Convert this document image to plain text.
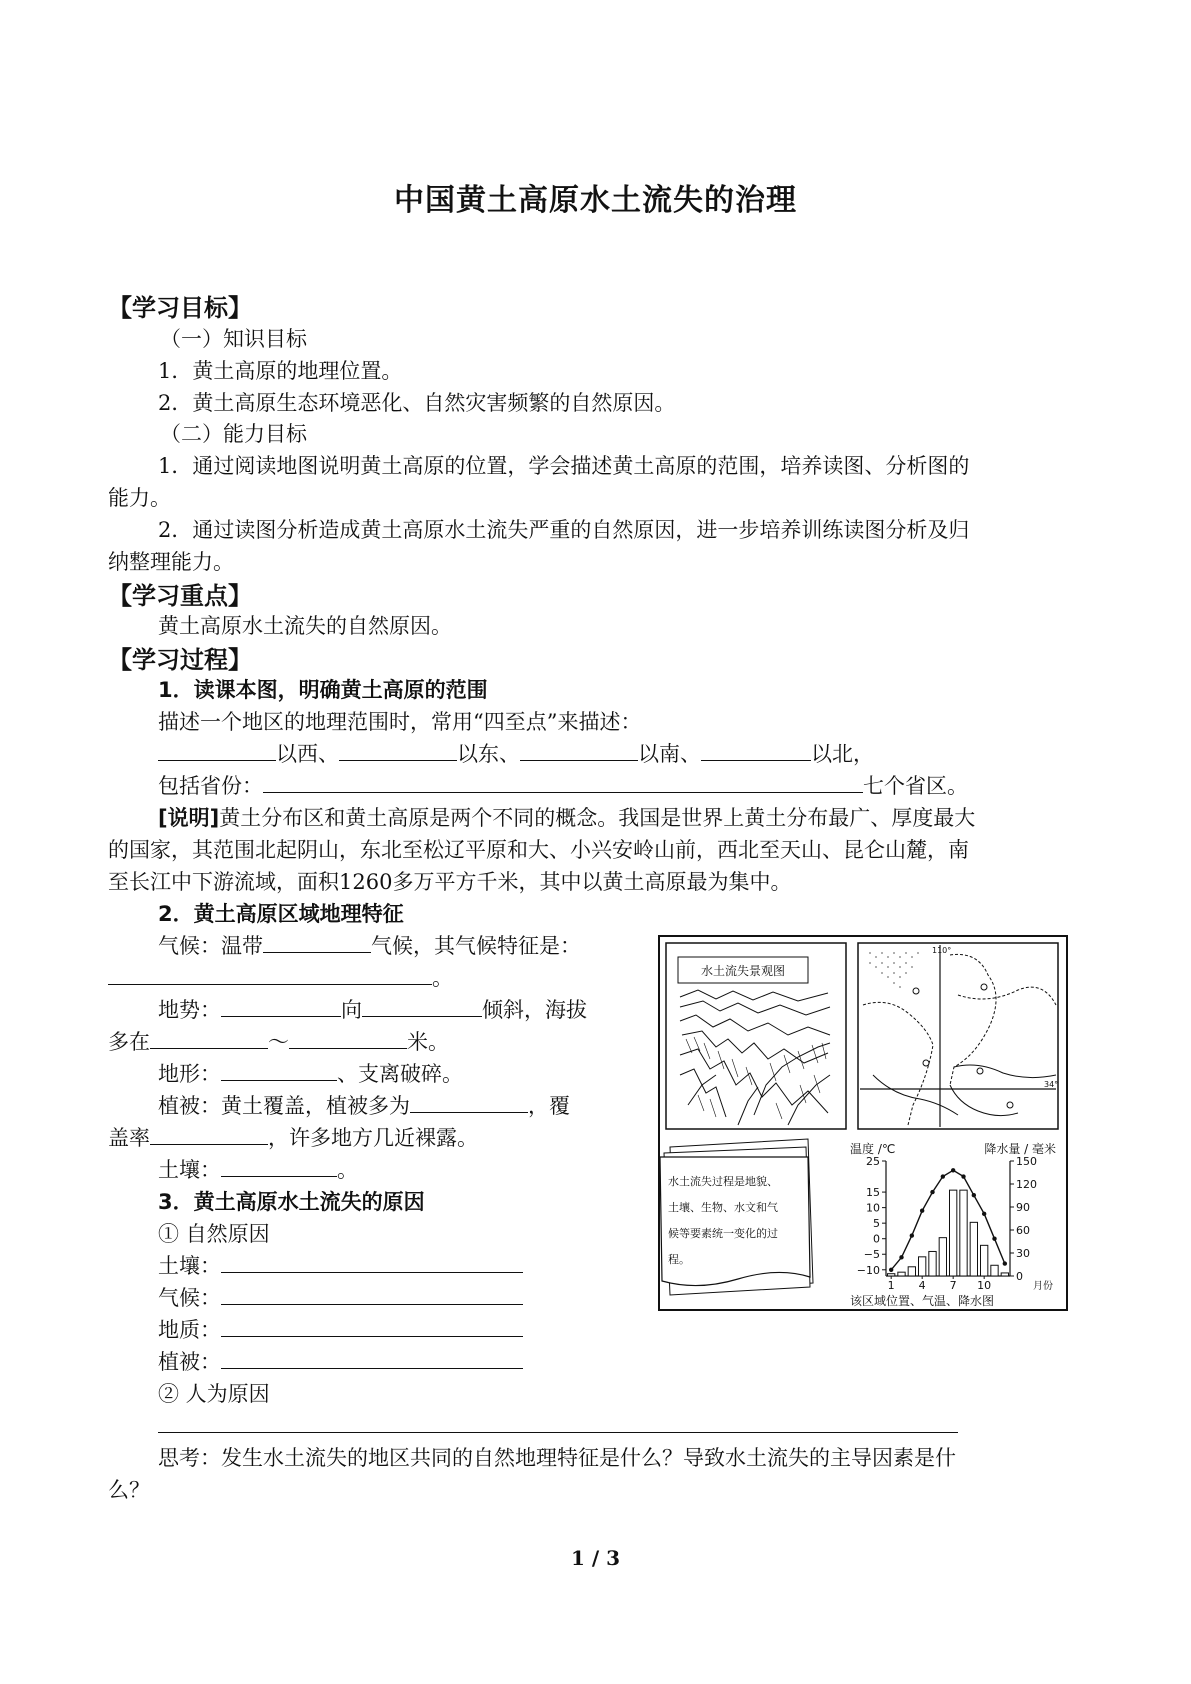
中国黄土高原水土流失的治理
【学习目标】
（一）知识目标
1．黄土高原的地理位置。
2．黄土高原生态环境恶化、自然灾害频繁的自然原因。
（二）能力目标
1．通过阅读地图说明黄土高原的位置，学会描述黄土高原的范围，培养读图、分析图的
能力。
2．通过读图分析造成黄土高原水土流失严重的自然原因，进一步培养训练读图分析及归
纳整理能力。
【学习重点】
黄土高原水土流失的自然原因。
【学习过程】
1．读课本图，明确黄土高原的范围
描述一个地区的地理范围时，常用“四至点”来描述：
以西、	以东、	以南、	以北，
包括省份：	七个省区。
[说明]黄土分布区和黄土高原是两个不同的概念。我国是世界上黄土分布最广、厚度最大
的国家，其范围北起阴山，东北至松辽平原和大、小兴安岭山前，西北至天山、昆仑山麓，南
至长江中下游流域，面积1260多万平方千米，其中以黄土高原最为集中。
2．黄土高原区域地理特征
气候：温带	气候，其气候特征是：
。
地势：	向	倾斜，海拔
多在	～	米。
地形：	、支离破碎。
植被：黄土覆盖，植被多为	，覆
盖率	，许多地方几近裸露。
土壤：	。
3．黄土高原水土流失的原因
① 自然原因
土壤：
气候：
地质：
植被：
② 人为原因
思考：发生水土流失的地区共同的自然地理特征是什么？导致水土流失的主导因素是什
么？
水土流失景观图
110°
34°
水土流失过程是地貌、
土壤、生物、水文和气
候等要素统一变化的过
程。
温度 /℃	降水量 / 毫米
25
15
10
5
0
−5
−10
150
120
90
60
30
0
1 4 7 10	月份
该区域位置、气温、降水图
1 / 3
